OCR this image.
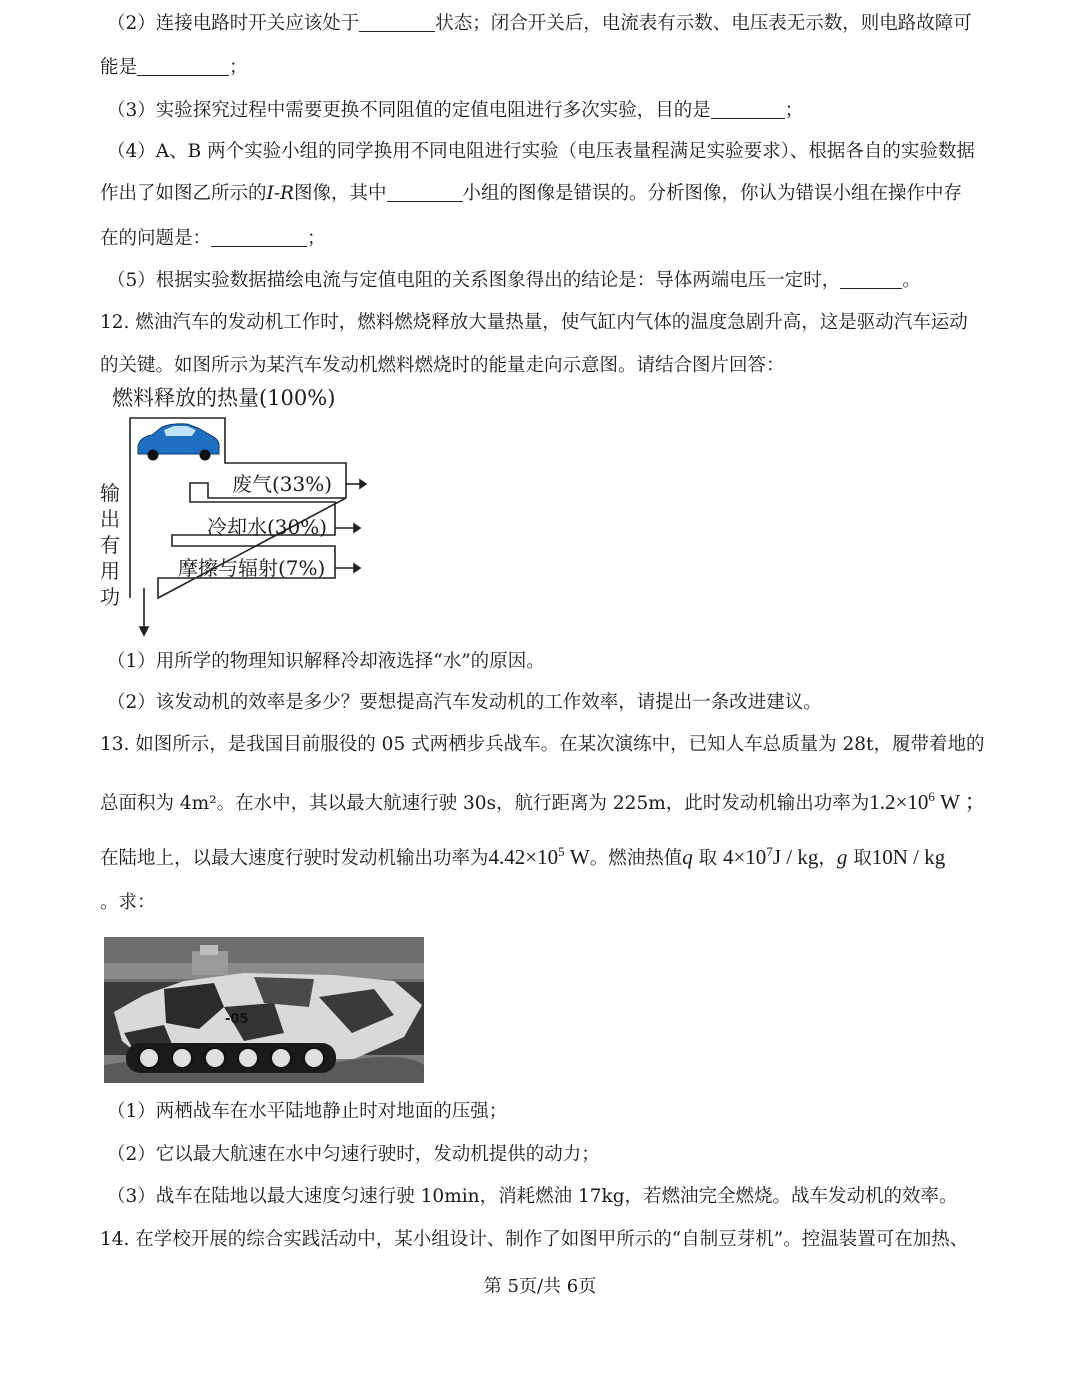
（2）连接电路时开关应该处于	状态；闭合开关后，电流表有示数、电压表无示数，则电路故障可
能是	；
（3）实验探究过程中需要更换不同阻值的定值电阻进行多次实验，目的是	；
（4）A、B 两个实验小组的同学换用不同电阻进行实验（电压表量程满足实验要求）、根据各自的实验数据
作出了如图乙所示的I-R图像，其中	小组的图像是错误的。分析图像，你认为错误小组在操作中存
在的问题是：	；
（5）根据实验数据描绘电流与定值电阻的关系图象得出的结论是：导体两端电压一定时，	。
12. 燃油汽车的发动机工作时，燃料燃烧释放大量热量，使气缸内气体的温度急剧升高，这是驱动汽车运动
的关键。如图所示为某汽车发动机燃料燃烧时的能量走向示意图。请结合图片回答：
燃料释放的热量(100%)
废气(33%)
冷却水(30%)
摩擦与辐射(7%)
输
出
有
用
功
（1）用所学的物理知识解释冷却液选择“水”的原因。
（2）该发动机的效率是多少？要想提高汽车发动机的工作效率，请提出一条改进建议。
13. 如图所示，是我国目前服役的 05 式两栖步兵战车。在某次演练中，已知人车总质量为 28t，履带着地的
总面积为 4m²。在水中，其以最大航速行驶 30s，航行距离为 225m，此时发动机输出功率为$1.2\times 10^6$ W ；
在陆地上，以最大速度行驶时发动机输出功率为$4.42\times 10^5$ W。燃油热值q 取 $4\times 10^7J$ / kg，g 取10N / kg
。求：
-05
（1）两栖战车在水平陆地静止时对地面的压强；
（2）它以最大航速在水中匀速行驶时，发动机提供的动力；
（3）战车在陆地以最大速度匀速行驶 10min，消耗燃油 17kg，若燃油完全燃烧。战车发动机的效率。
14. 在学校开展的综合实践活动中，某小组设计、制作了如图甲所示的“自制豆芽机”。控温装置可在加热、
第 5页/共 6页
